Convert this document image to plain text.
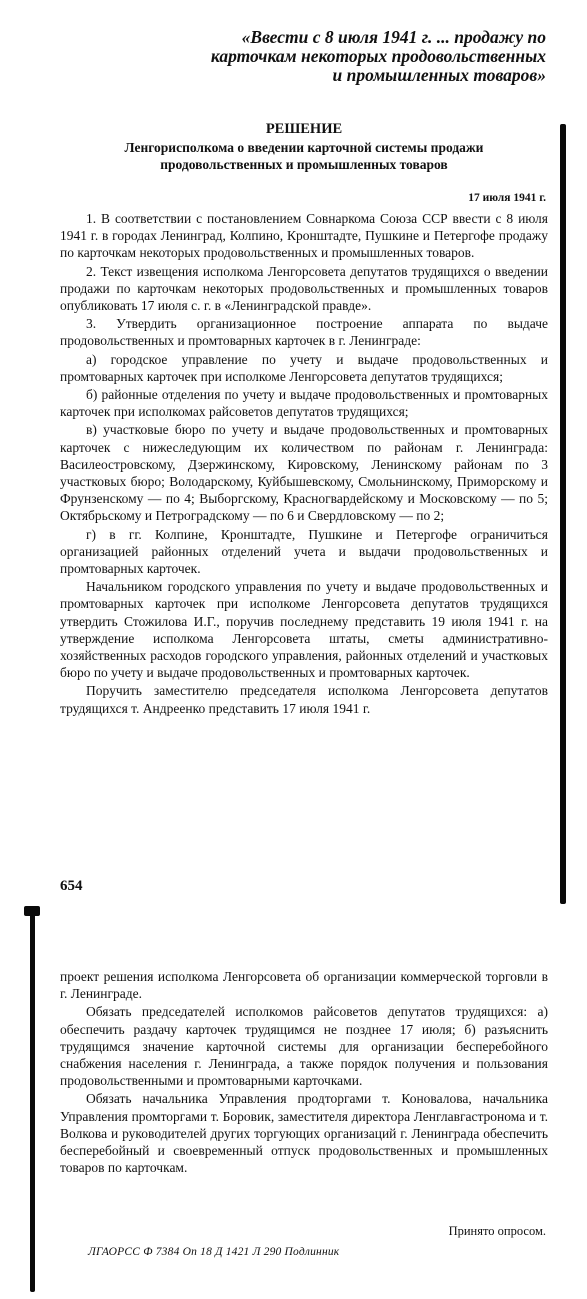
«Ввести с 8 июля 1941 г. ... продажу по
карточкам некоторых продовольственных
и промышленных товаров»
РЕШЕНИЕ
Ленгорисполкома о введении карточной системы продажи
продовольственных и промышленных товаров
17 июля 1941 г.

1. В соответствии с постановлением Совнаркома Союза ССР ввести с 8 июля 1941 г. в городах Ленинград, Колпино, Кронштадте, Пушкине и Петергофе продажу по карточкам некоторых продовольственных и промышленных товаров.

2. Текст извещения исполкома Ленгорсовета депутатов трудящихся о введении продажи по карточкам некоторых продовольственных и промышленных товаров опубликовать 17 июля с. г. в «Ленинградской правде».

3. Утвердить организационное построение аппарата по выдаче продовольственных и промтоварных карточек в г. Ленинграде:

а) городское управление по учету и выдаче продовольственных и промтоварных карточек при исполкоме Ленгорсовета депутатов трудящихся;

б) районные отделения по учету и выдаче продовольственных и промтоварных карточек при исполкомах райсоветов депутатов трудящихся;

в) участковые бюро по учету и выдаче продовольственных и промтоварных карточек с нижеследующим их количеством по районам г. Ленинграда: Василеостровскому, Дзержинскому, Кировскому, Ленинскому районам по 3 участковых бюро; Володарскому, Куйбышевскому, Смольнинскому, Приморскому и Фрунзенскому — по 4; Выборгскому, Красногвардейскому и Московскому — по 5; Октябрьскому и Петроградскому — по 6 и Свердловскому — по 2;

г) в гг. Колпине, Кронштадте, Пушкине и Петергофе ограничиться организацией районных отделений учета и выдачи продовольственных и промтоварных карточек.

Начальником городского управления по учету и выдаче продовольственных и промтоварных карточек при исполкоме Ленгорсовета депутатов трудящихся утвердить Стожилова И.Г., поручив последнему представить 19 июля 1941 г. на утверждение исполкома Ленгорсовета штаты, сметы административно-хозяйственных расходов городского управления, районных отделений и участковых бюро по учету и выдаче продовольственных и промтоварных карточек.

Поручить заместителю председателя исполкома Ленгорсовета депутатов трудящихся т. Андреенко представить 17 июля 1941 г.

654

проект решения исполкома Ленгорсовета об организации коммерческой торговли в г. Ленинграде.

Обязать председателей исполкомов райсоветов депутатов трудящихся: а) обеспечить раздачу карточек трудящимся не позднее 17 июля; б) разъяснить трудящимся значение карточной системы для организации бесперебойного снабжения населения г. Ленинграда, а также порядок получения и пользования продовольственными и промтоварными карточками.

Обязать начальника Управления продторгами т. Коновалова, начальника Управления промторгами т. Боровик, заместителя директора Ленглавгастронома и т. Волкова и руководителей других торгующих организаций г. Ленинграда обеспечить бесперебойный и своевременный отпуск продовольственных и промышленных товаров по карточкам.

Принято опросом.
ЛГАОРСС Ф 7384 Оп 18 Д 1421 Л 290 Подлинник
